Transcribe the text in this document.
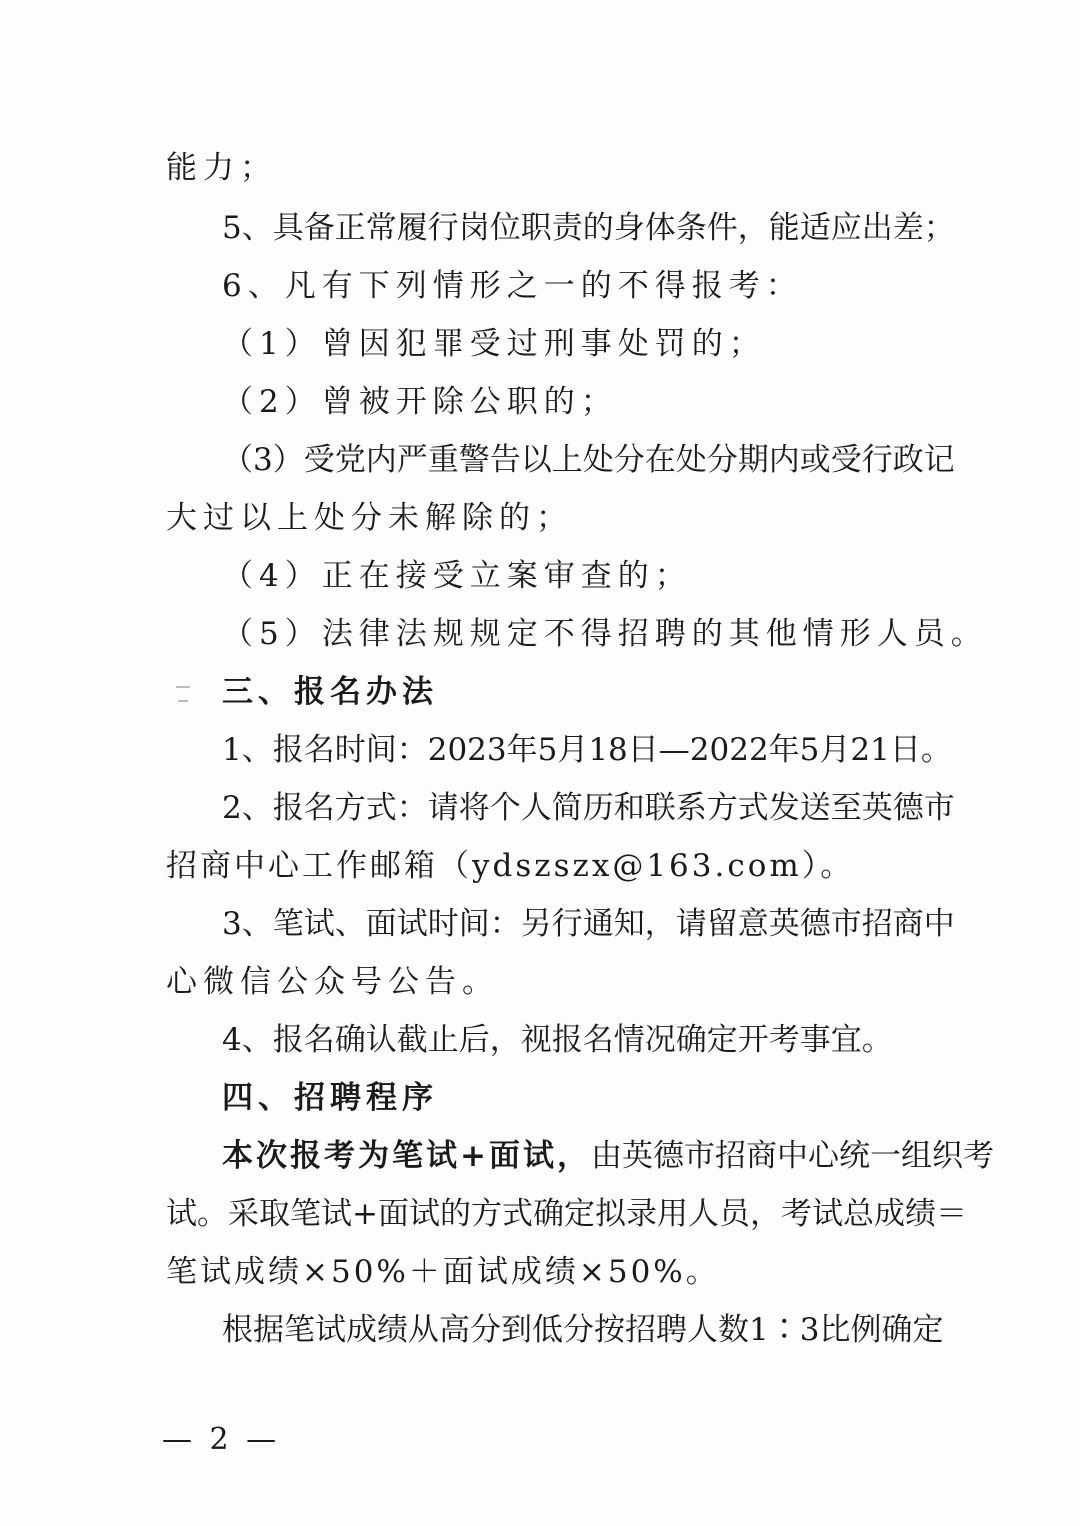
能力；

5、具备正常履行岗位职责的身体条件，能适应出差；

6、凡有下列情形之一的不得报考：

（1）曾因犯罪受过刑事处罚的；

（2）曾被开除公职的；

（3）受党内严重警告以上处分在处分期内或受行政记

大过以上处分未解除的；

（4）正在接受立案审查的；

（5）法律法规规定不得招聘的其他情形人员。

三、报名办法

1、报名时间：2023年5月18日—2022年5月21日。

2、报名方式：请将个人简历和联系方式发送至英德市

招商中心工作邮箱（ydszszx@163.com）。

3、笔试、面试时间：另行通知，请留意英德市招商中

心微信公众号公告。

4、报名确认截止后，视报名情况确定开考事宜。

四、招聘程序

本次报考为笔试+面试， 由英德市招商中心统一组织考

试。采取笔试+面试的方式确定拟录用人员，考试总成绩＝

笔试成绩×50%＋面试成绩×50%。

根据笔试成绩从高分到低分按招聘人数1∶3比例确定

— 2 —
